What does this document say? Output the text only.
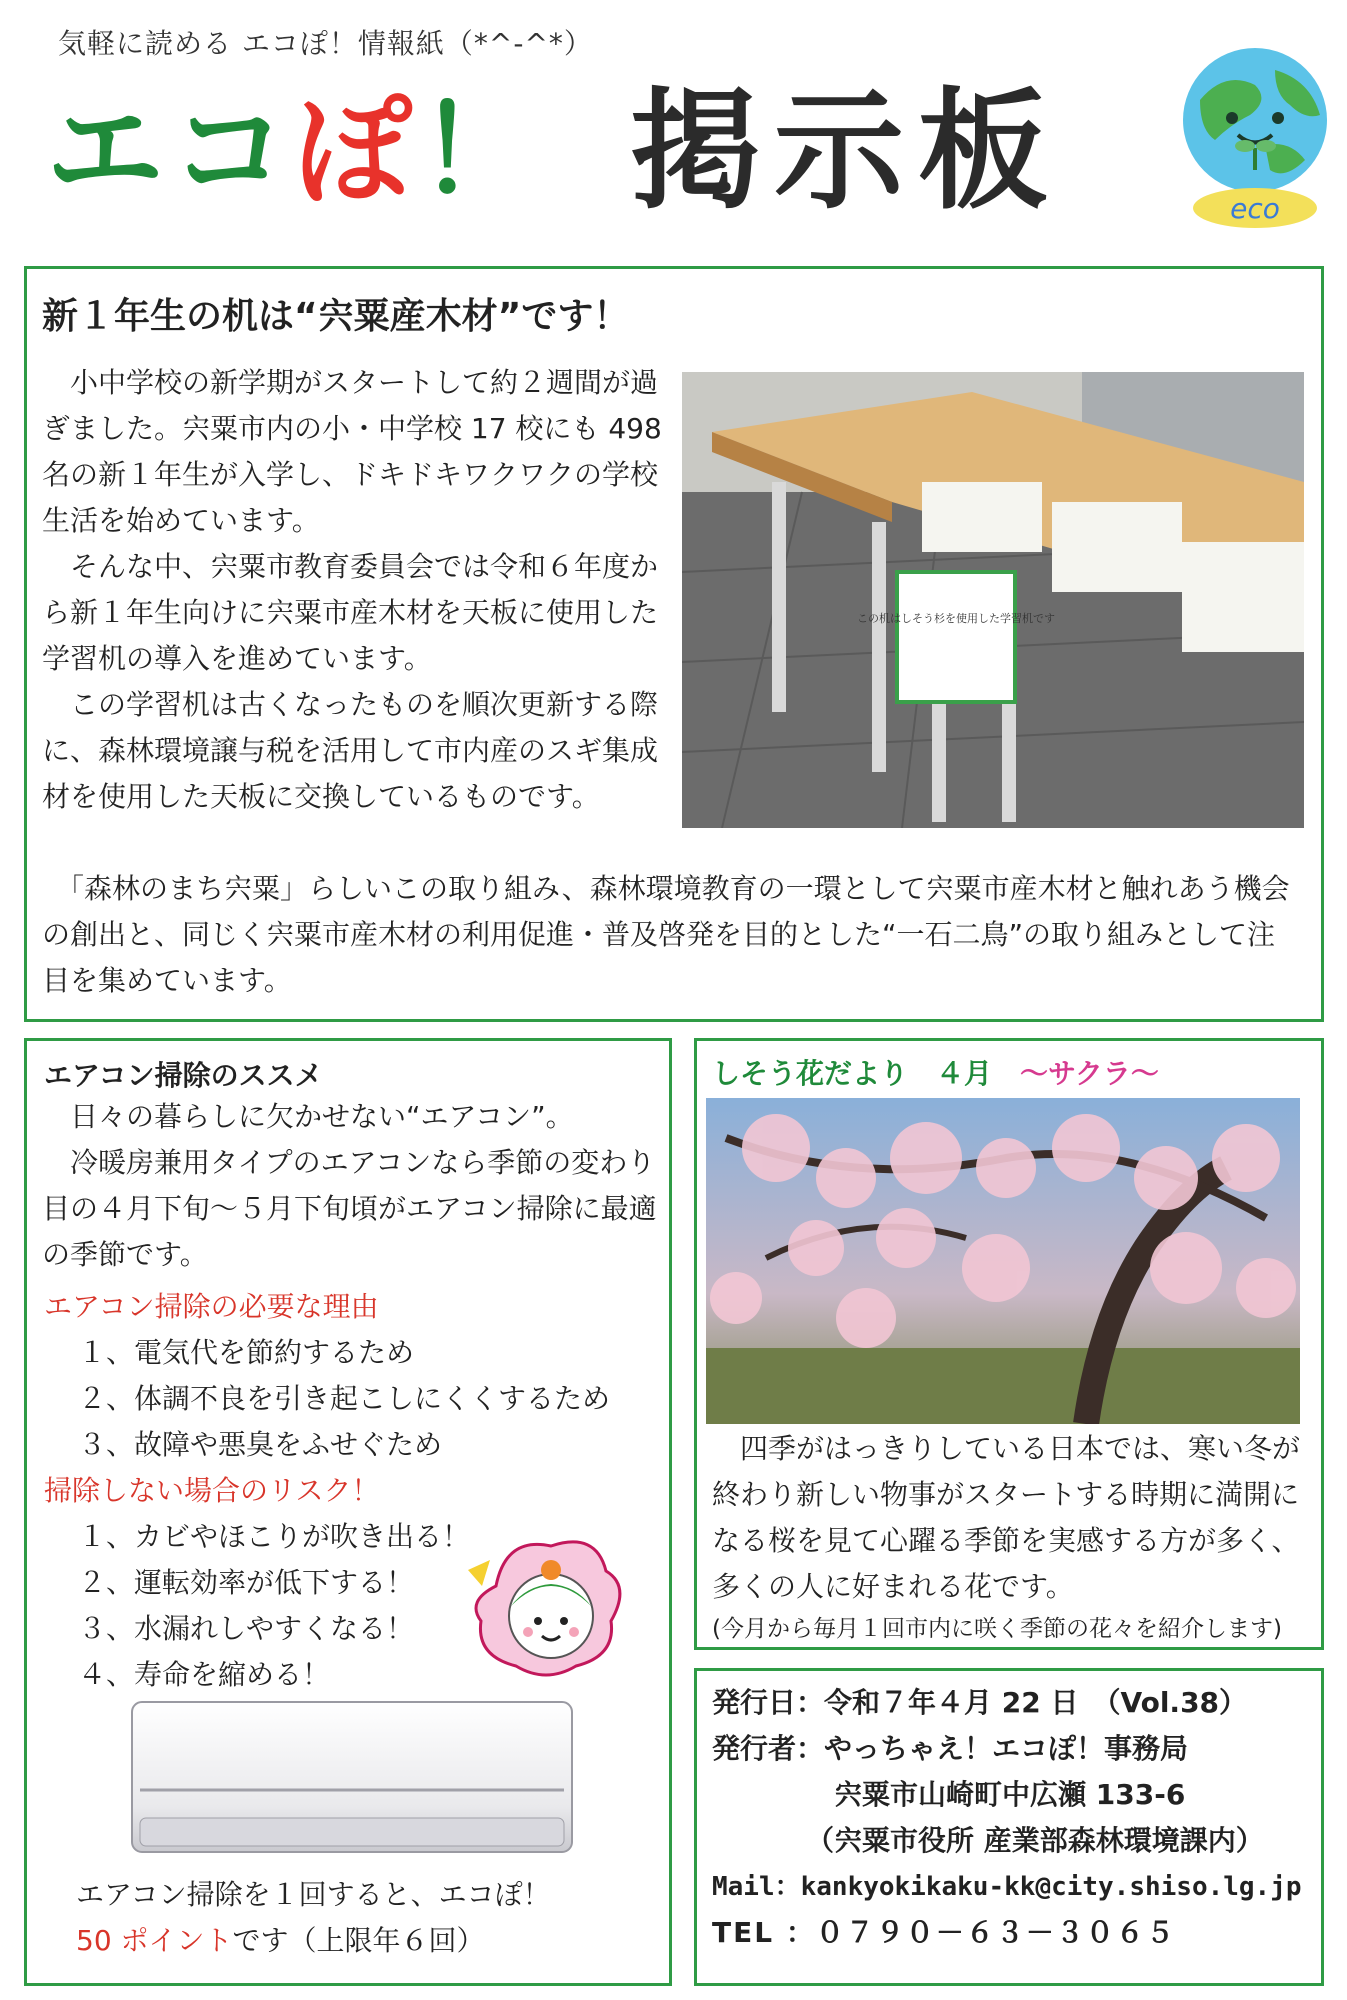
気軽に読める エコぽ！情報紙（*^-^*）
エコぽ！ 掲示板	eco
新１年生の机は“宍粟産木材”です！

　小中学校の新学期がスタートして約２週間が過ぎました。宍粟市内の小・中学校 17 校にも 498 名の新１年生が入学し、ドキドキワクワクの学校生活を始めています。

　そんな中、宍粟市教育委員会では令和６年度から新１年生向けに宍粟市産木材を天板に使用した学習机の導入を進めています。

　この学習机は古くなったものを順次更新する際に、森林環境譲与税を活用して市内産のスギ集成材を使用した天板に交換しているものです。

　「森林のまち宍粟」らしいこの取り組み、森林環境教育の一環として宍粟市産木材と触れあう機会の創出と、同じく宍粟市産木材の利用促進・普及啓発を目的とした“一石二鳥”の取り組みとして注目を集めています。

この机はしそう杉を使用した学習机です
エアコン掃除のススメ

　日々の暮らしに欠かせない“エアコン”。

　冷暖房兼用タイプのエアコンなら季節の変わり目の４月下旬～５月下旬頃がエアコン掃除に最適の季節です。

エアコン掃除の必要な理由
１、電気代を節約するため
２、体調不良を引き起こしにくくするため
３、故障や悪臭をふせぐため
掃除しない場合のリスク！
１、カビやほこりが吹き出る！
２、運転効率が低下する！
３、水漏れしやすくなる！
４、寿命を縮める！
エアコン掃除を１回すると、エコぽ！
50 ポイントです（上限年６回）
しそう花だより　４月　 ～サクラ～

　四季がはっきりしている日本では、寒い冬が終わり新しい物事がスタートする時期に満開になる桜を見て心躍る季節を実感する方が多く、多くの人に好まれる花です。

(今月から毎月１回市内に咲く季節の花々を紹介します)

発行日：令和７年４月 22 日　（Vol.38）
発行者：やっちゃえ！エコぽ！事務局
宍粟市山崎町中広瀬 133-6
（宍粟市役所 産業部森林環境課内）
Mail：kankyokikaku-kk@city.shiso.lg.jp
TEL ：０７９０－６３－３０６５
